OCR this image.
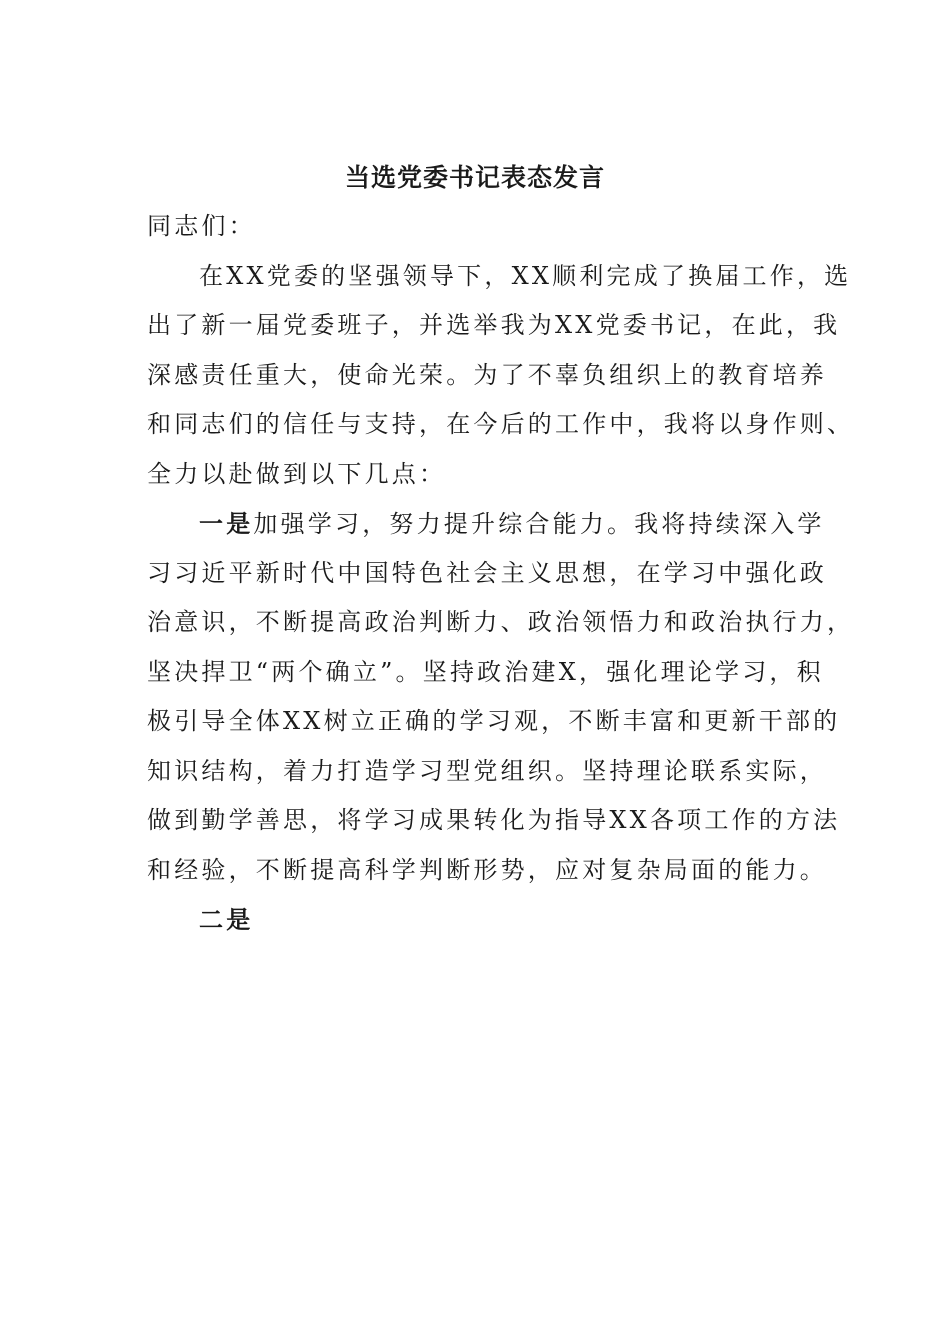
当选党委书记表态发言
同志们：
在XX党委的坚强领导下，XX顺利完成了换届工作，选
出了新一届党委班子，并选举我为XX党委书记，在此，我
深感责任重大，使命光荣。为了不辜负组织上的教育培养
和同志们的信任与支持，在今后的工作中，我将以身作则、
全力以赴做到以下几点：
一是加强学习，努力提升综合能力。我将持续深入学
习习近平新时代中国特色社会主义思想，在学习中强化政
治意识，不断提高政治判断力、政治领悟力和政治执行力，
坚决捍卫“两个确立”。坚持政治建X，强化理论学习，积
极引导全体XX树立正确的学习观，不断丰富和更新干部的
知识结构，着力打造学习型党组织。坚持理论联系实际，
做到勤学善思，将学习成果转化为指导XX各项工作的方法
和经验，不断提高科学判断形势，应对复杂局面的能力。
二是
